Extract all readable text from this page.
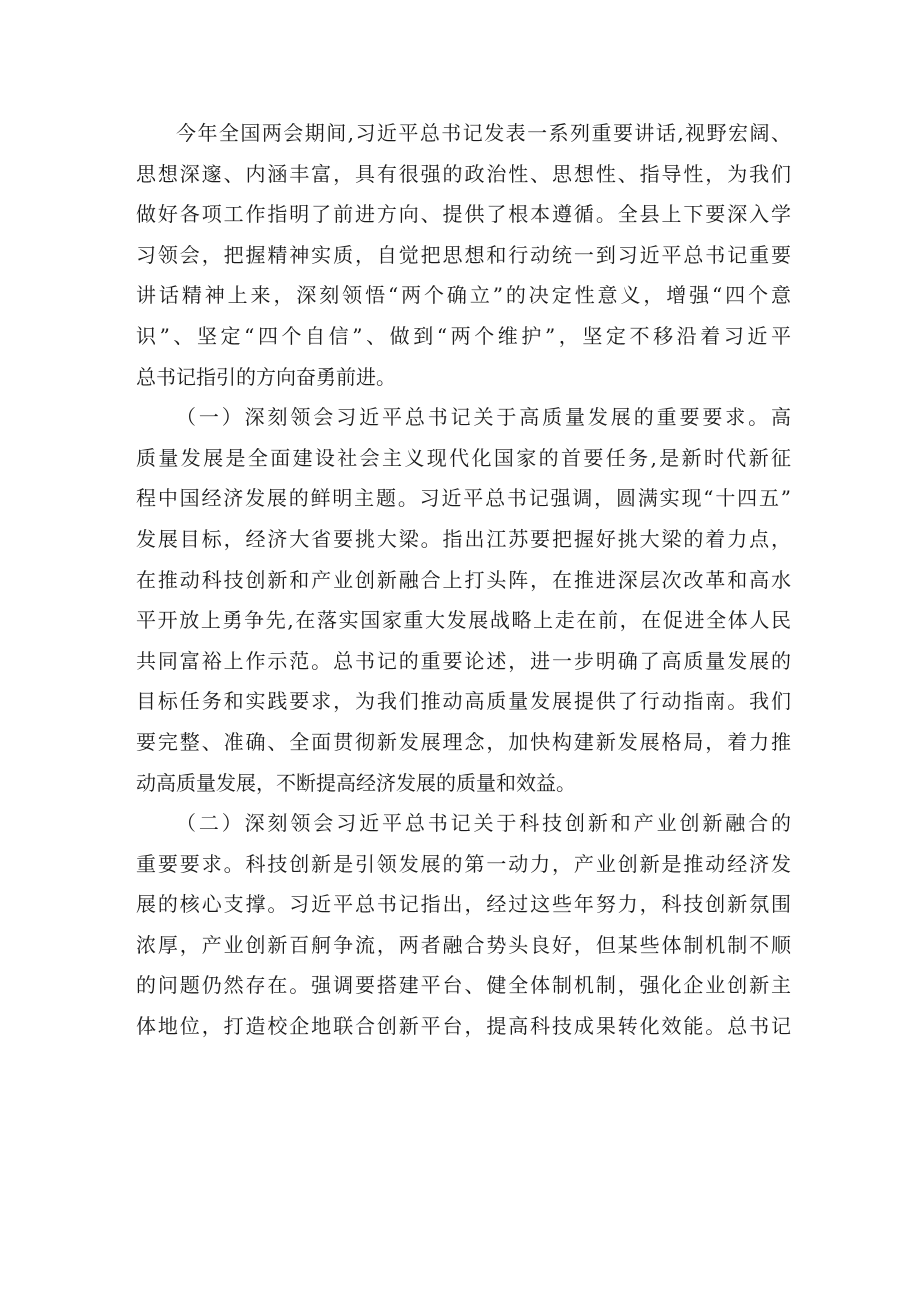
今年全国两会期间,习近平总书记发表一系列重要讲话,视野宏阔、
思想深邃、内涵丰富，具有很强的政治性、思想性、指导性，为我们
做好各项工作指明了前进方向、提供了根本遵循。全县上下要深入学
习领会，把握精神实质，自觉把思想和行动统一到习近平总书记重要
讲话精神上来，深刻领悟“两个确立”的决定性意义，增强“四个意
识”、坚定“四个自信”、做到“两个维护”，坚定不移沿着习近平
总书记指引的方向奋勇前进。
（一）深刻领会习近平总书记关于高质量发展的重要要求。高
质量发展是全面建设社会主义现代化国家的首要任务,是新时代新征
程中国经济发展的鲜明主题。习近平总书记强调，圆满实现“十四五”
发展目标，经济大省要挑大梁。指出江苏要把握好挑大梁的着力点，
在推动科技创新和产业创新融合上打头阵，在推进深层次改革和高水
平开放上勇争先,在落实国家重大发展战略上走在前，在促进全体人民
共同富裕上作示范。总书记的重要论述，进一步明确了高质量发展的
目标任务和实践要求，为我们推动高质量发展提供了行动指南。我们
要完整、准确、全面贯彻新发展理念，加快构建新发展格局，着力推
动高质量发展，不断提高经济发展的质量和效益。
（二）深刻领会习近平总书记关于科技创新和产业创新融合的
重要要求。科技创新是引领发展的第一动力，产业创新是推动经济发
展的核心支撑。习近平总书记指出，经过这些年努力，科技创新氛围
浓厚，产业创新百舸争流，两者融合势头良好，但某些体制机制不顺
的问题仍然存在。强调要搭建平台、健全体制机制，强化企业创新主
体地位，打造校企地联合创新平台，提高科技成果转化效能。总书记
